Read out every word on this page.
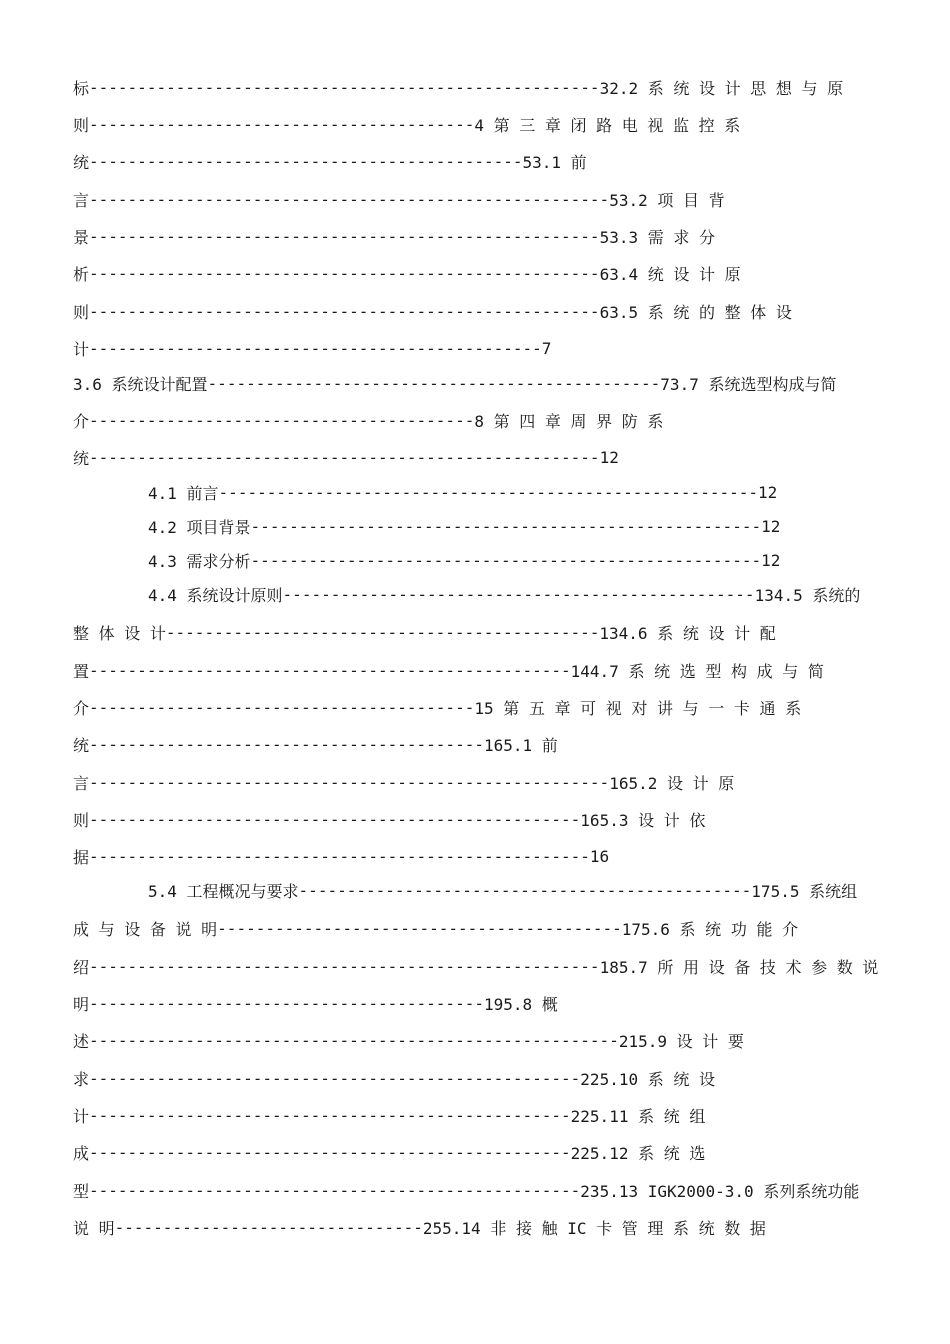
标 ----------------------------------------------------- 32.2 系 统 设 计 思 想 与 原
则 ---------------------------------------- 4 第 三 章 闭 路 电 视 监 控 系
统 --------------------------------------------- 53.1 前
言 ------------------------------------------------------ 53.2 项 目 背
景 ----------------------------------------------------- 53.3 需 求 分
析 ----------------------------------------------------- 63.4 统 设 计 原
则 ----------------------------------------------------- 63.5 系 统 的 整 体 设
计 ----------------------------------------------- 7
3.6 系统设计配置 ----------------------------------------------- 73.7 系统选型构成与简
介 ---------------------------------------- 8 第 四 章 周 界 防 系
统 ----------------------------------------------------- 12
4.1 前言 -------------------------------------------------------- 12
4.2 项目背景 ----------------------------------------------------- 12
4.3 需求分析 ----------------------------------------------------- 12
4.4 系统设计原则 ------------------------------------------------- 134.5 系统的
整 体 设 计 --------------------------------------------- 134.6 系 统 设 计 配
置 -------------------------------------------------- 144.7 系 统 选 型 构 成 与 简
介 ---------------------------------------- 15 第 五 章 可 视 对 讲 与 一 卡 通 系
统 ----------------------------------------- 165.1 前
言 ------------------------------------------------------ 165.2 设 计 原
则 --------------------------------------------------- 165.3 设 计 依
据 ---------------------------------------------------- 16
5.4 工程概况与要求 ----------------------------------------------- 175.5 系统组
成 与 设 备 说 明 ------------------------------------------ 175.6 系 统 功 能 介
绍 ----------------------------------------------------- 185.7 所 用 设 备 技 术 参 数 说
明 ----------------------------------------- 195.8 概
述 ------------------------------------------------------- 215.9 设 计 要
求 --------------------------------------------------- 225.10 系 统 设
计 -------------------------------------------------- 225.11 系 统 组
成 -------------------------------------------------- 225.12 系 统 选
型 --------------------------------------------------- 235.13 IGK2000-3.0 系列系统功能
说 明 -------------------------------- 255.14 非 接 触 IC 卡 管 理 系 统 数 据
